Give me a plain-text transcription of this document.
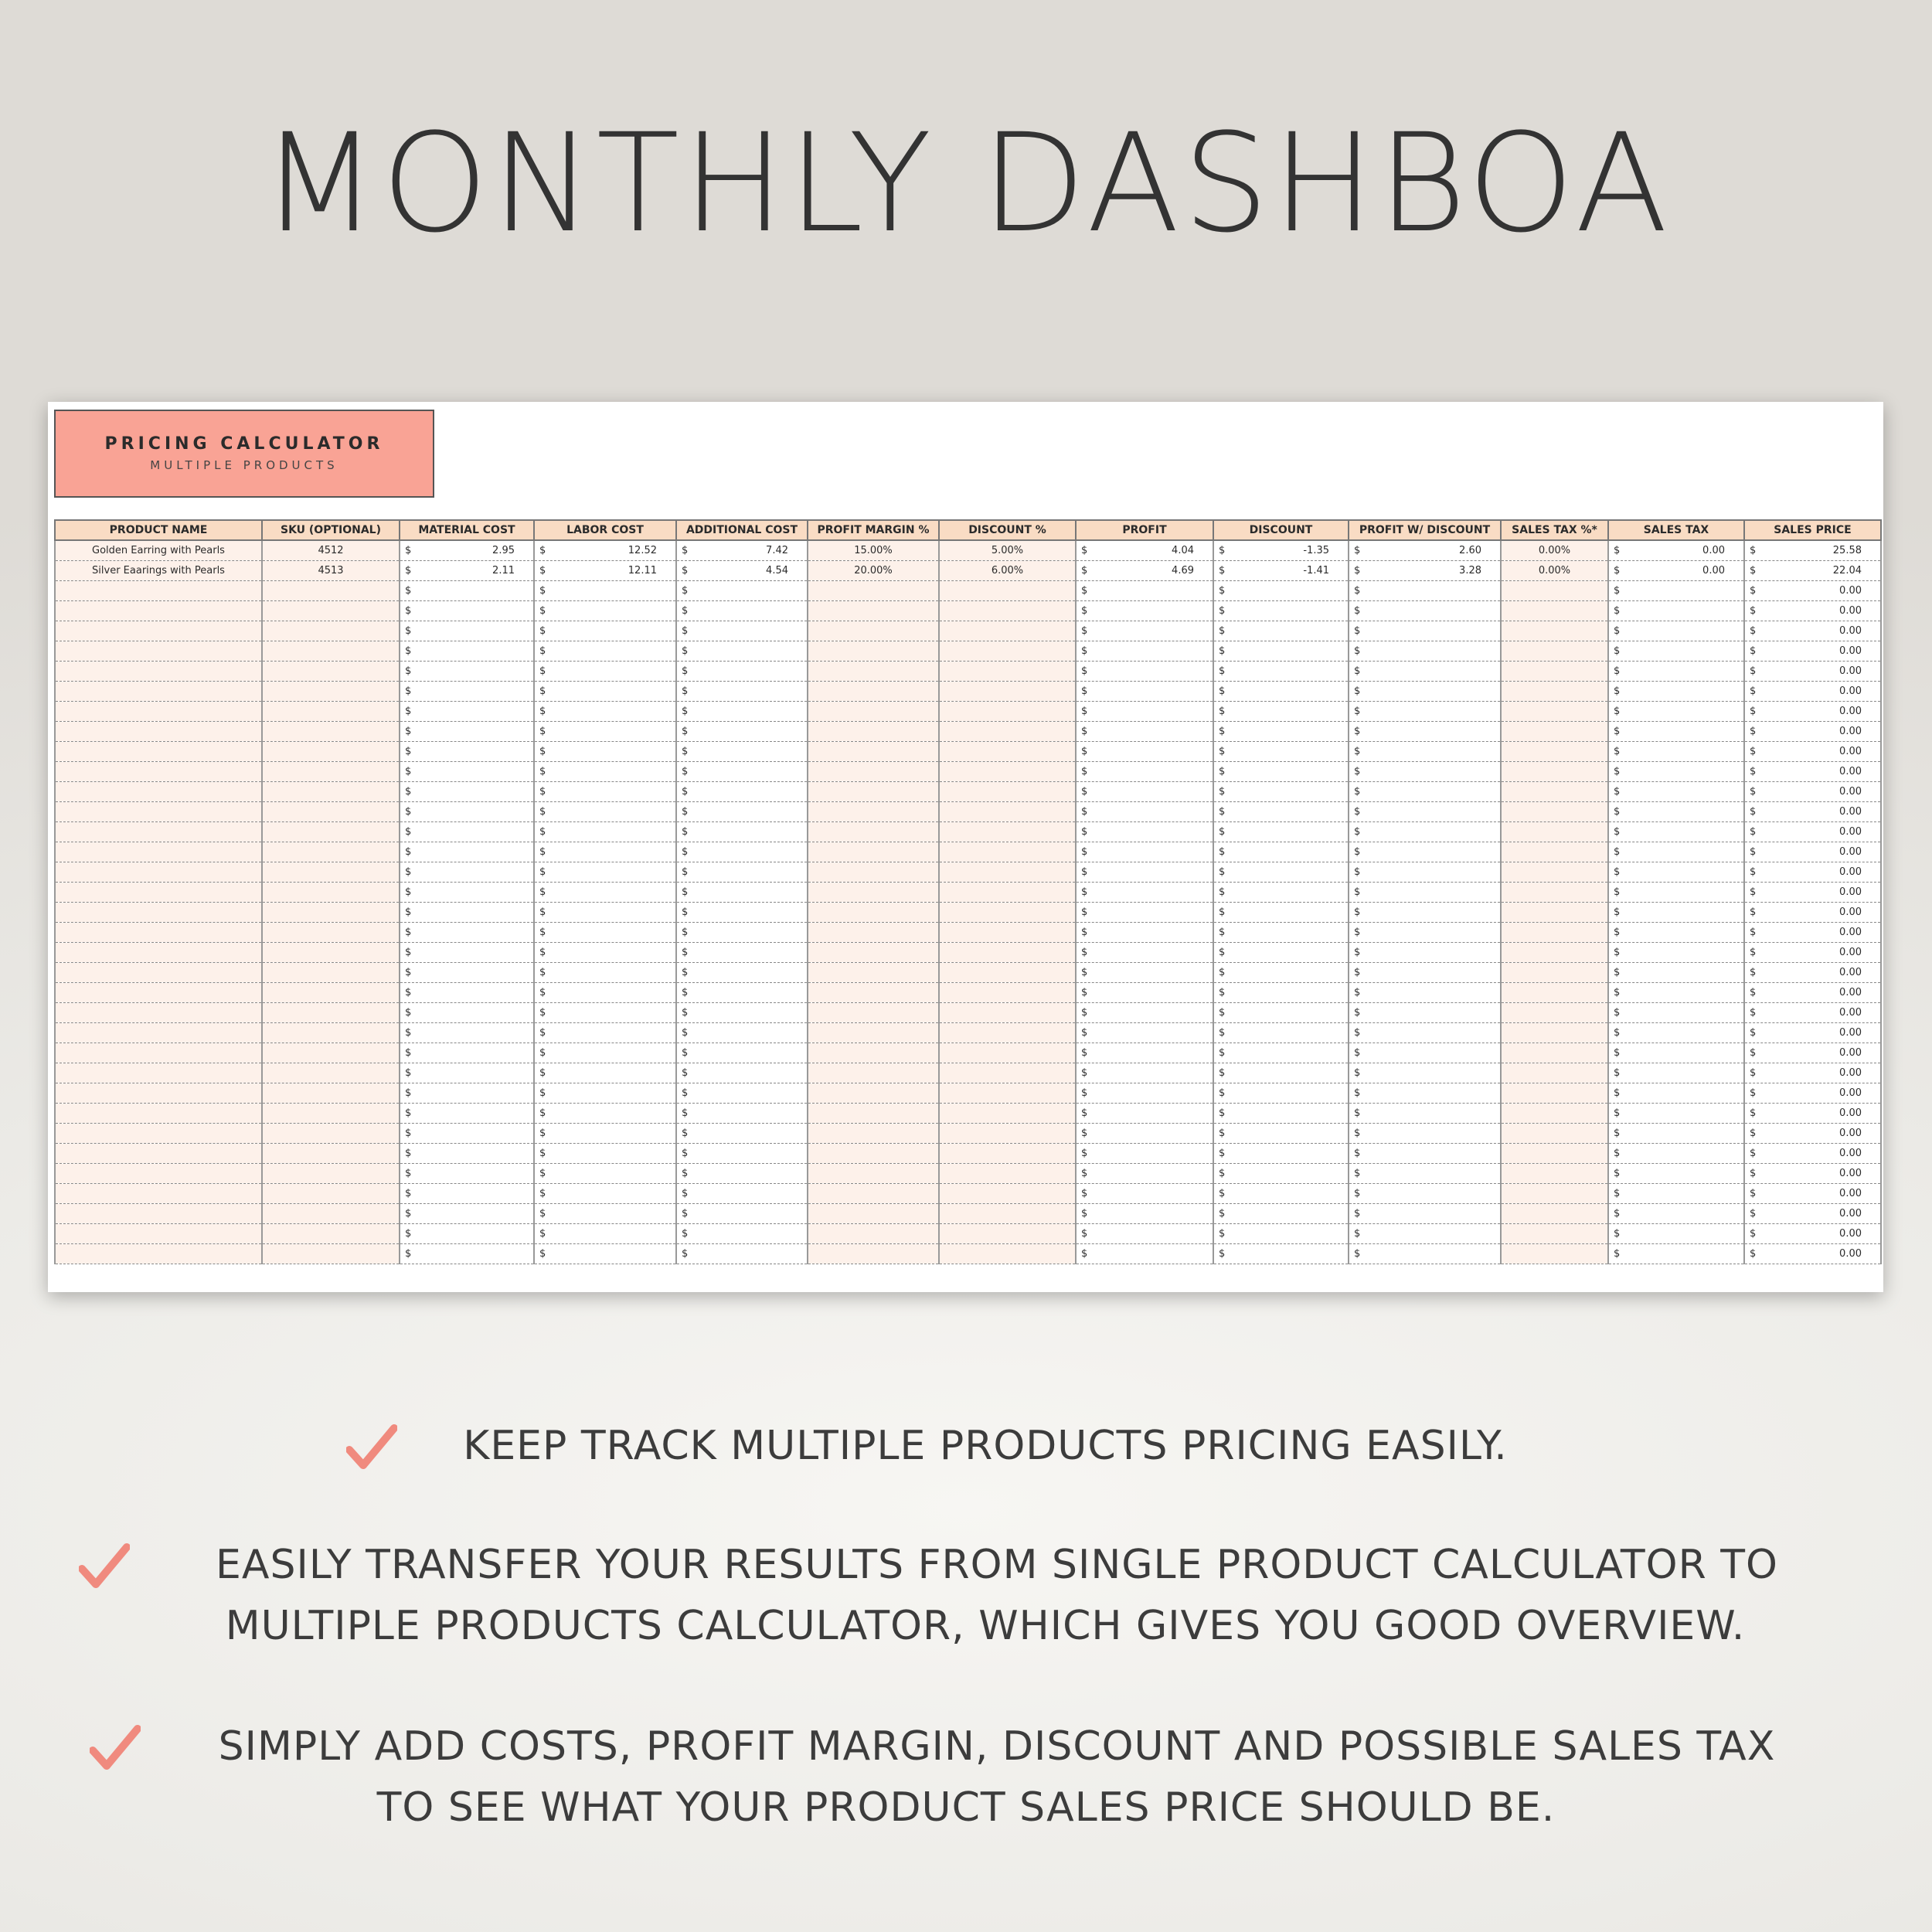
MONTHLY DASHBOA
PRICING CALCULATOR
MULTIPLE PRODUCTS
PRODUCT NAME	SKU (OPTIONAL)	MATERIAL COST	LABOR COST	ADDITIONAL COST	PROFIT MARGIN %	DISCOUNT %	PROFIT	DISCOUNT	PROFIT W/ DISCOUNT	SALES TAX %*	SALES TAX	SALES PRICE
Golden Earring with Pearls	4512	$ 2.95	$ 12.52	$ 7.42	15.00%	5.00%	$ 4.04	$ -1.35	$ 2.60	0.00%	$ 0.00	$ 25.58

Silver Eaarings with Pearls	4513	$ 2.11	$ 12.11	$ 4.54	20.00%	6.00%	$ 4.69	$ -1.41	$ 3.28	0.00%	$ 0.00	$ 22.04

		$	$	$			$	$	$		$	$ 0.00

		$	$	$			$	$	$		$	$ 0.00

		$	$	$			$	$	$		$	$ 0.00

		$	$	$			$	$	$		$	$ 0.00

		$	$	$			$	$	$		$	$ 0.00

		$	$	$			$	$	$		$	$ 0.00

		$	$	$			$	$	$		$	$ 0.00

		$	$	$			$	$	$		$	$ 0.00

		$	$	$			$	$	$		$	$ 0.00

		$	$	$			$	$	$		$	$ 0.00

		$	$	$			$	$	$		$	$ 0.00

		$	$	$			$	$	$		$	$ 0.00

		$	$	$			$	$	$		$	$ 0.00

		$	$	$			$	$	$		$	$ 0.00

		$	$	$			$	$	$		$	$ 0.00

		$	$	$			$	$	$		$	$ 0.00

		$	$	$			$	$	$		$	$ 0.00

		$	$	$			$	$	$		$	$ 0.00

		$	$	$			$	$	$		$	$ 0.00

		$	$	$			$	$	$		$	$ 0.00

		$	$	$			$	$	$		$	$ 0.00

		$	$	$			$	$	$		$	$ 0.00

		$	$	$			$	$	$		$	$ 0.00

		$	$	$			$	$	$		$	$ 0.00

		$	$	$			$	$	$		$	$ 0.00

		$	$	$			$	$	$		$	$ 0.00

		$	$	$			$	$	$		$	$ 0.00

		$	$	$			$	$	$		$	$ 0.00

		$	$	$			$	$	$		$	$ 0.00

		$	$	$			$	$	$		$	$ 0.00

		$	$	$			$	$	$		$	$ 0.00

		$	$	$			$	$	$		$	$ 0.00

		$	$	$			$	$	$		$	$ 0.00

		$	$	$			$	$	$		$	$ 0.00
KEEP TRACK MULTIPLE PRODUCTS PRICING EASILY.
EASILY TRANSFER YOUR RESULTS FROM SINGLE PRODUCT CALCULATOR TO
MULTIPLE PRODUCTS CALCULATOR, WHICH GIVES YOU GOOD OVERVIEW.
SIMPLY ADD COSTS, PROFIT MARGIN, DISCOUNT AND POSSIBLE SALES TAX
TO SEE WHAT YOUR PRODUCT SALES PRICE SHOULD BE.
